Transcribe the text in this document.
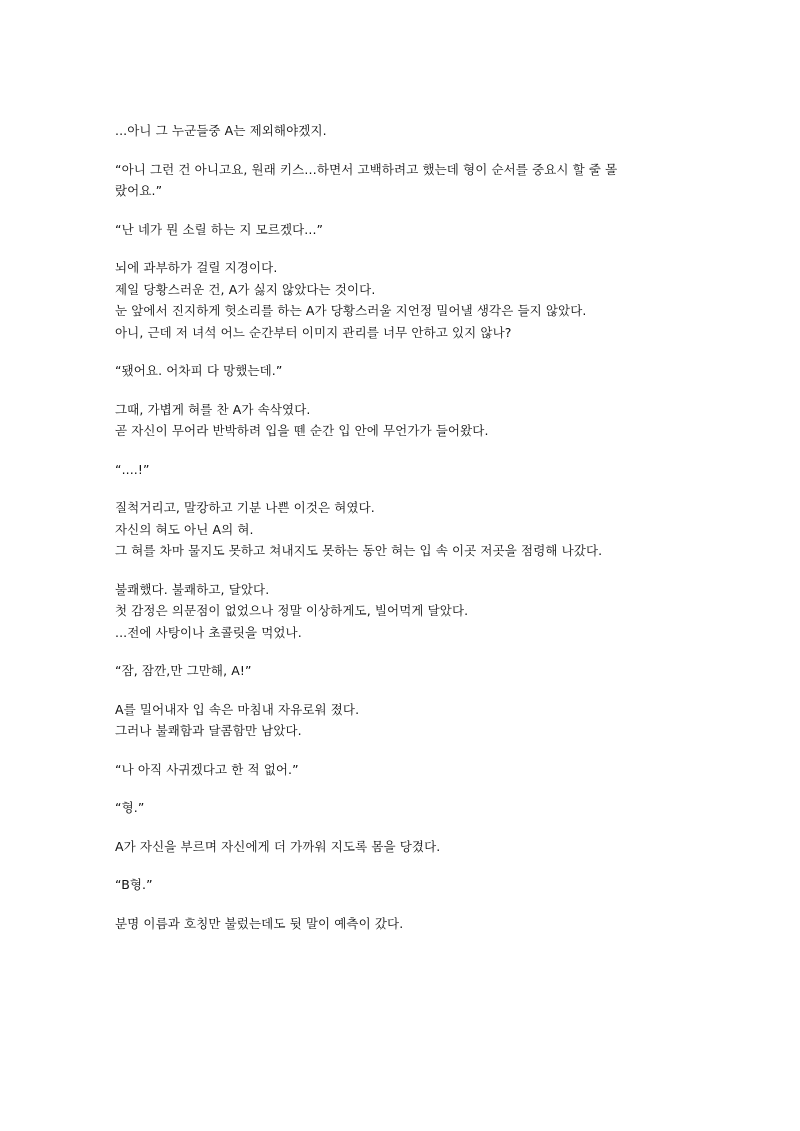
...아니 그 누군들중 A는 제외해야겠지.
“아니 그런 건 아니고요, 원래 키스…하면서 고백하려고 했는데 형이 순서를 중요시 할 줄 몰
랐어요.”
“난 네가 뭔 소릴 하는 지 모르겠다...”
뇌에 과부하가 걸릴 지경이다.
제일 당황스러운 건, A가 싫지 않았다는 것이다.
눈 앞에서 진지하게 헛소리를 하는 A가 당황스러울 지언정 밀어낼 생각은 들지 않았다.
아니, 근데 저 녀석 어느 순간부터 이미지 관리를 너무 안하고 있지 않나?
“됐어요. 어차피 다 망했는데.”
그때, 가볍게 혀를 찬 A가 속삭였다.
곧 자신이 무어라 반박하려 입을 뗀 순간 입 안에 무언가가 들어왔다.
“....!”
질척거리고, 말캉하고 기분 나쁜 이것은 혀였다.
자신의 혀도 아닌 A의 혀.
그 혀를 차마 물지도 못하고 쳐내지도 못하는 동안 혀는 입 속 이곳 저곳을 점령해 나갔다.
불쾌했다. 불쾌하고, 달았다.
첫 감정은 의문점이 없었으나 정말 이상하게도, 빌어먹게 달았다.
...전에 사탕이나 초콜릿을 먹었나.
“잠, 잠깐,만 그만해, A!”
A를 밀어내자 입 속은 마침내 자유로워 졌다.
그러나 불쾌함과 달콤함만 남았다.
“나 아직 사귀겠다고 한 적 없어.”
“형.”
A가 자신을 부르며 자신에게 더 가까워 지도록 몸을 당겼다.
“B형.”
분명 이름과 호칭만 불렀는데도 뒷 말이 예측이 갔다.
